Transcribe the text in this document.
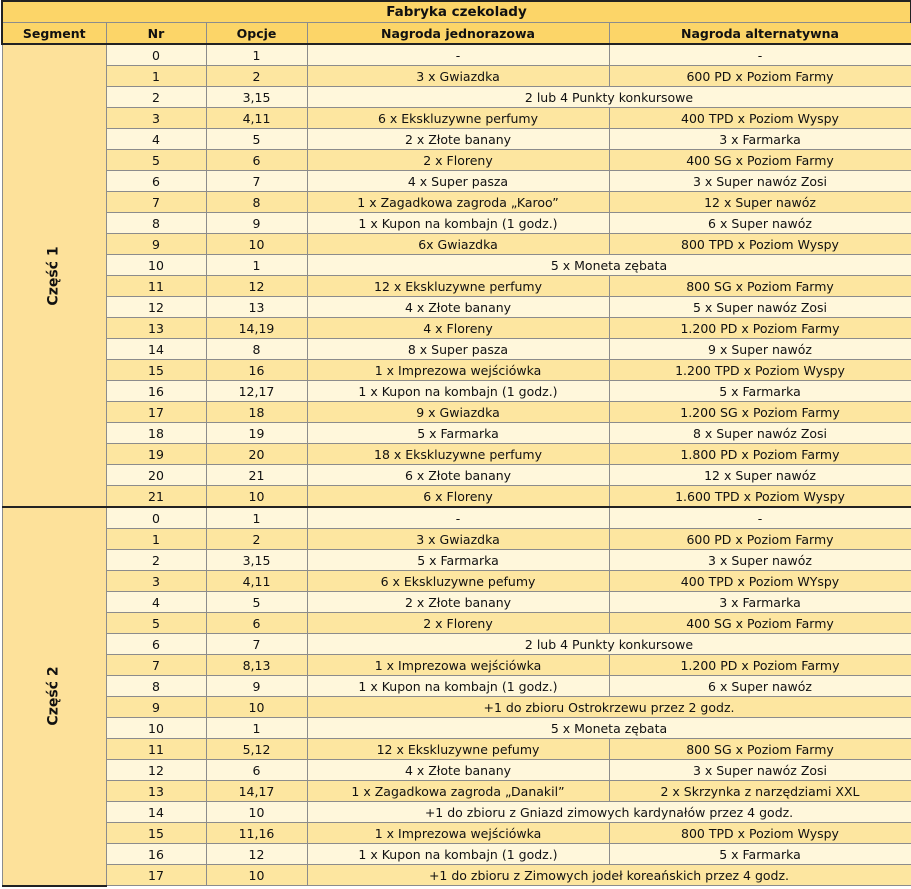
Fabryka czekolady				
Segment	Nr	Opcje	Nagroda jednorazowa	Nagroda alternatywna
Część 1	0	1	-	-
	1	2	3 x Gwiazdka	600 PD x Poziom Farmy
	2	3,15	2 lub 4 Punkty konkursowe	
	3	4,11	6 x Ekskluzywne perfumy	400 TPD x Poziom Wyspy
	4	5	2 x Złote banany	3 x Farmarka
	5	6	2 x Floreny	400 SG x Poziom Farmy
	6	7	4 x Super pasza	3 x Super nawóz Zosi
	7	8	1 x Zagadkowa zagroda „Karoo”	12 x Super nawóz
	8	9	1 x Kupon na kombajn (1 godz.)	6 x Super nawóz
	9	10	6x Gwiazdka	800 TPD x Poziom Wyspy
	10	1	5 x Moneta zębata	
	11	12	12 x Ekskluzywne perfumy	800 SG x Poziom Farmy
	12	13	4 x Złote banany	5 x Super nawóz Zosi
	13	14,19	4 x Floreny	1.200 PD x Poziom Farmy
	14	8	8 x Super pasza	9 x Super nawóz
	15	16	1 x Imprezowa wejściówka	1.200 TPD x Poziom Wyspy
	16	12,17	1 x Kupon na kombajn (1 godz.)	5 x Farmarka
	17	18	9 x Gwiazdka	1.200 SG x Poziom Farmy
	18	19	5 x Farmarka	8 x Super nawóz Zosi
	19	20	18 x Ekskluzywne perfumy	1.800 PD x Poziom Farmy
	20	21	6 x Złote banany	12 x Super nawóz
	21	10	6 x Floreny	1.600 TPD x Poziom Wyspy
Część 2	0	1	-	-
	1	2	3 x Gwiazdka	600 PD x Poziom Farmy
	2	3,15	5 x Farmarka	3 x Super nawóz
	3	4,11	6 x Ekskluzywne pefumy	400 TPD x Poziom WYspy
	4	5	2 x Złote banany	3 x Farmarka
	5	6	2 x Floreny	400 SG x Poziom Farmy
	6	7	2 lub 4 Punkty konkursowe	
	7	8,13	1 x Imprezowa wejściówka	1.200 PD x Poziom Farmy
	8	9	1 x Kupon na kombajn (1 godz.)	6 x Super nawóz
	9	10	+1 do zbioru Ostrokrzewu przez 2 godz.	
	10	1	5 x Moneta zębata	
	11	5,12	12 x Ekskluzywne pefumy	800 SG x Poziom Farmy
	12	6	4 x Złote banany	3 x Super nawóz Zosi
	13	14,17	1 x Zagadkowa zagroda „Danakil”	2 x Skrzynka z narzędziami XXL
	14	10	+1 do zbioru z Gniazd zimowych kardynałów przez 4 godz.	
	15	11,16	1 x Imprezowa wejściówka	800 TPD x Poziom Wyspy
	16	12	1 x Kupon na kombajn (1 godz.)	5 x Farmarka
	17	10	+1 do zbioru z Zimowych jodeł koreańskich przez 4 godz.	
